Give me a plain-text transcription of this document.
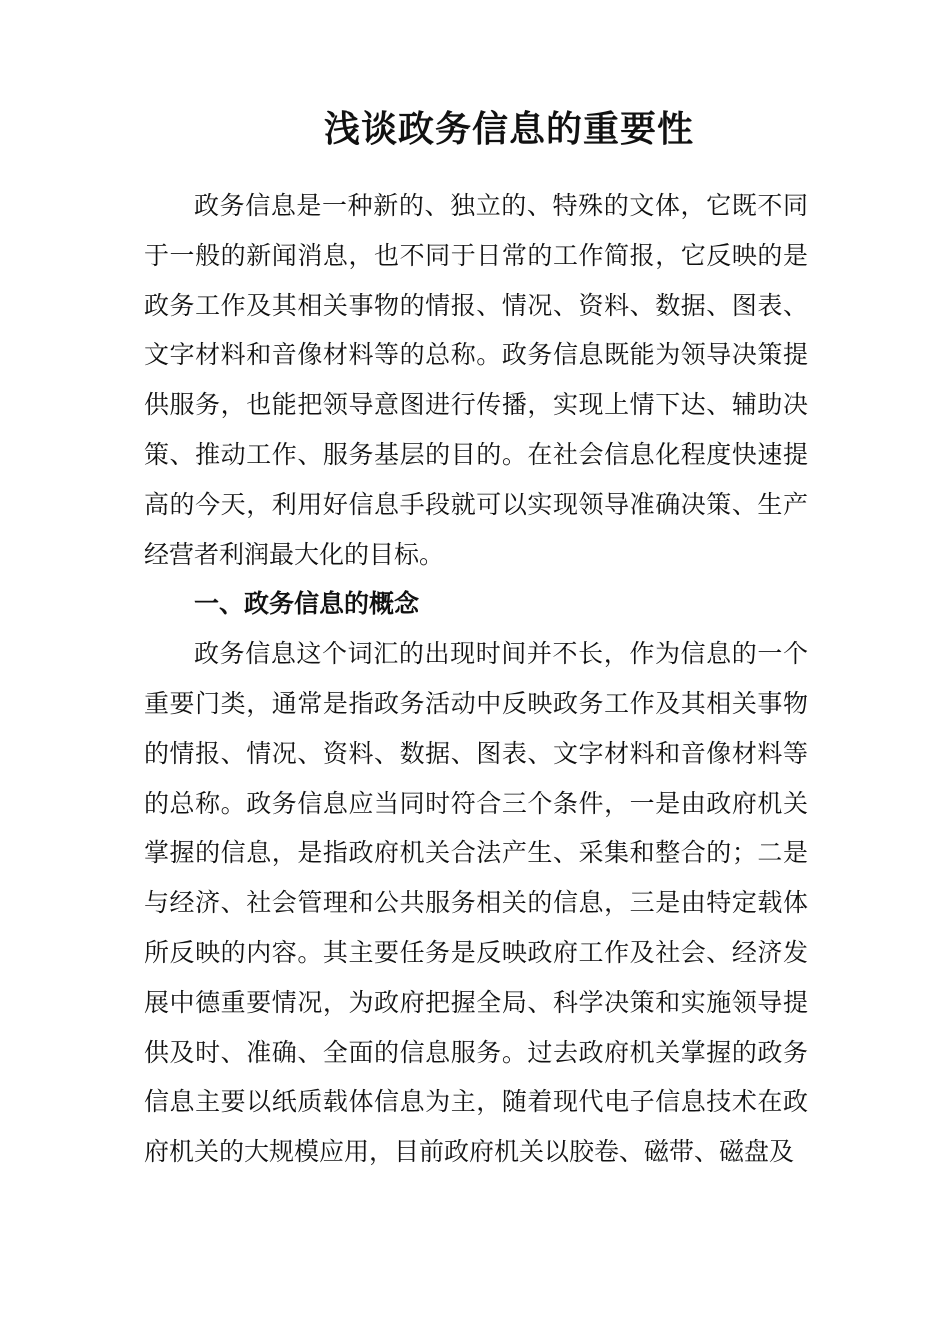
浅谈政务信息的重要性

政务信息是一种新的、独立的、特殊的文体，它既不同于一般的新闻消息，也不同于日常的工作简报，它反映的是政务工作及其相关事物的情报、情况、资料、数据、图表、文字材料和音像材料等的总称。政务信息既能为领导决策提供服务，也能把领导意图进行传播，实现上情下达、辅助决策、推动工作、服务基层的目的。在社会信息化程度快速提高的今天，利用好信息手段就可以实现领导准确决策、生产经营者利润最大化的目标。

一、政务信息的概念

政务信息这个词汇的出现时间并不长，作为信息的一个重要门类，通常是指政务活动中反映政务工作及其相关事物的情报、情况、资料、数据、图表、文字材料和音像材料等的总称。政务信息应当同时符合三个条件，一是由政府机关掌握的信息，是指政府机关合法产生、采集和整合的；二是与经济、社会管理和公共服务相关的信息，三是由特定载体所反映的内容。其主要任务是反映政府工作及社会、经济发展中德重要情况，为政府把握全局、科学决策和实施领导提供及时、准确、全面的信息服务。过去政府机关掌握的政务信息主要以纸质载体信息为主，随着现代电子信息技术在政府机关的大规模应用，目前政府机关以胶卷、磁带、磁盘及
